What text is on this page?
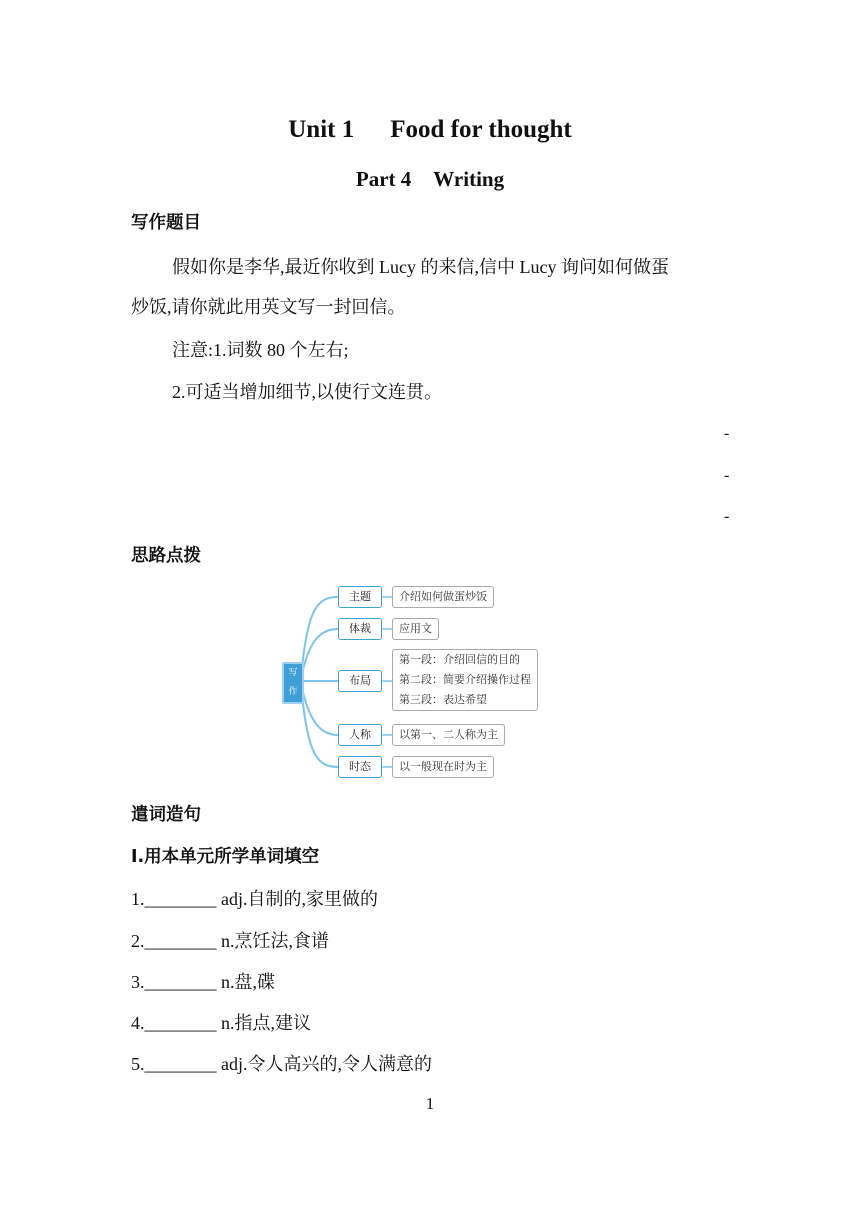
Unit 1 Food for thought
Part 4 Writing
写作题目
假如你是李华,最近你收到 Lucy 的来信,信中 Lucy 询问如何做蛋
炒饭,请你就此用英文写一封回信。
注意:1.词数 80 个左右;
2.可适当增加细节,以使行文连贯。
-
-
-
思路点拨
写
作
主题
体裁
布局
人称
时态
介绍如何做蛋炒饭
应用文
第一段：介绍回信的目的
第二段：简要介绍操作过程
第三段：表达希望
以第一、二人称为主
以一般现在时为主
遣词造句
Ⅰ.用本单元所学单词填空
1.________ adj.自制的,家里做的
2.________ n.烹饪法,食谱
3.________ n.盘,碟
4.________ n.指点,建议
5.________ adj.令人高兴的,令人满意的
1
